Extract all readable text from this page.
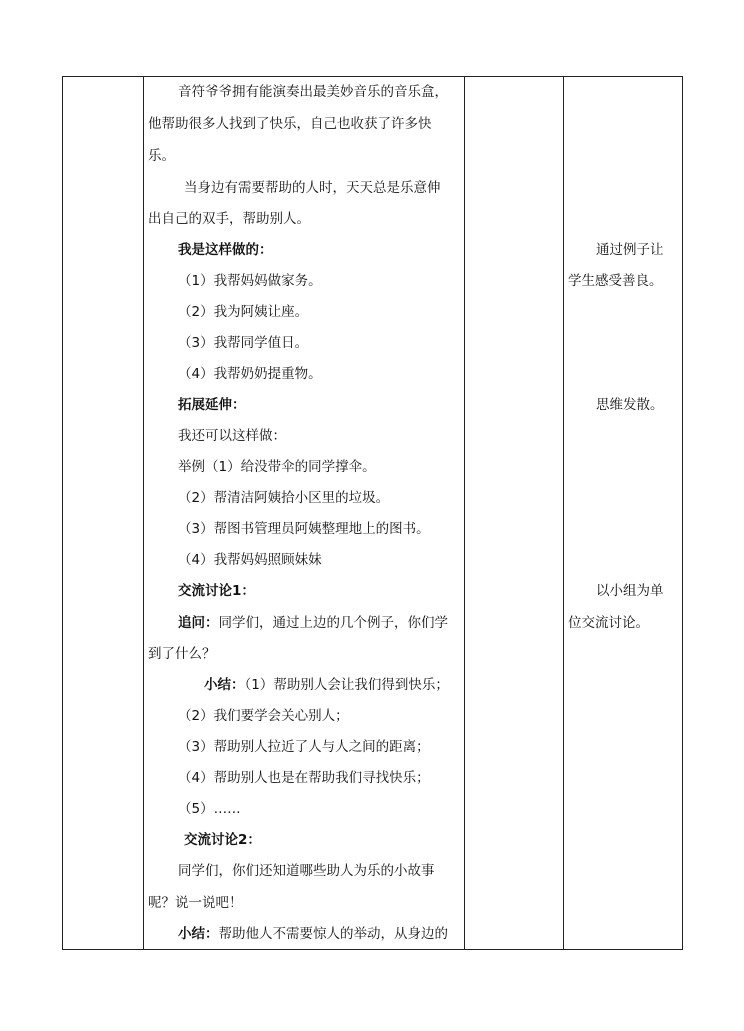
音符爷爷拥有能演奏出最美妙音乐的音乐盒，
他帮助很多人找到了快乐，自己也收获了许多快
乐。
当身边有需要帮助的人时，天天总是乐意伸
出自己的双手，帮助别人。
我是这样做的：
（1）我帮妈妈做家务。
（2）我为阿姨让座。
（3）我帮同学值日。
（4）我帮奶奶提重物。
拓展延伸：
我还可以这样做：
举例（1）给没带伞的同学撑伞。
（2）帮清洁阿姨拾小区里的垃圾。
（3）帮图书管理员阿姨整理地上的图书。
（4）我帮妈妈照顾妹妹
交流讨论1：
追问：同学们，通过上边的几个例子，你们学
到了什么？
小结：（1）帮助别人会让我们得到快乐；
（2）我们要学会关心别人；
（3）帮助别人拉近了人与人之间的距离；
（4）帮助别人也是在帮助我们寻找快乐；
（5）……
交流讨论2：
同学们，你们还知道哪些助人为乐的小故事
呢？说一说吧！
小结：帮助他人不需要惊人的举动，从身边的
通过例子让
学生感受善良。
思维发散。
以小组为单
位交流讨论。
